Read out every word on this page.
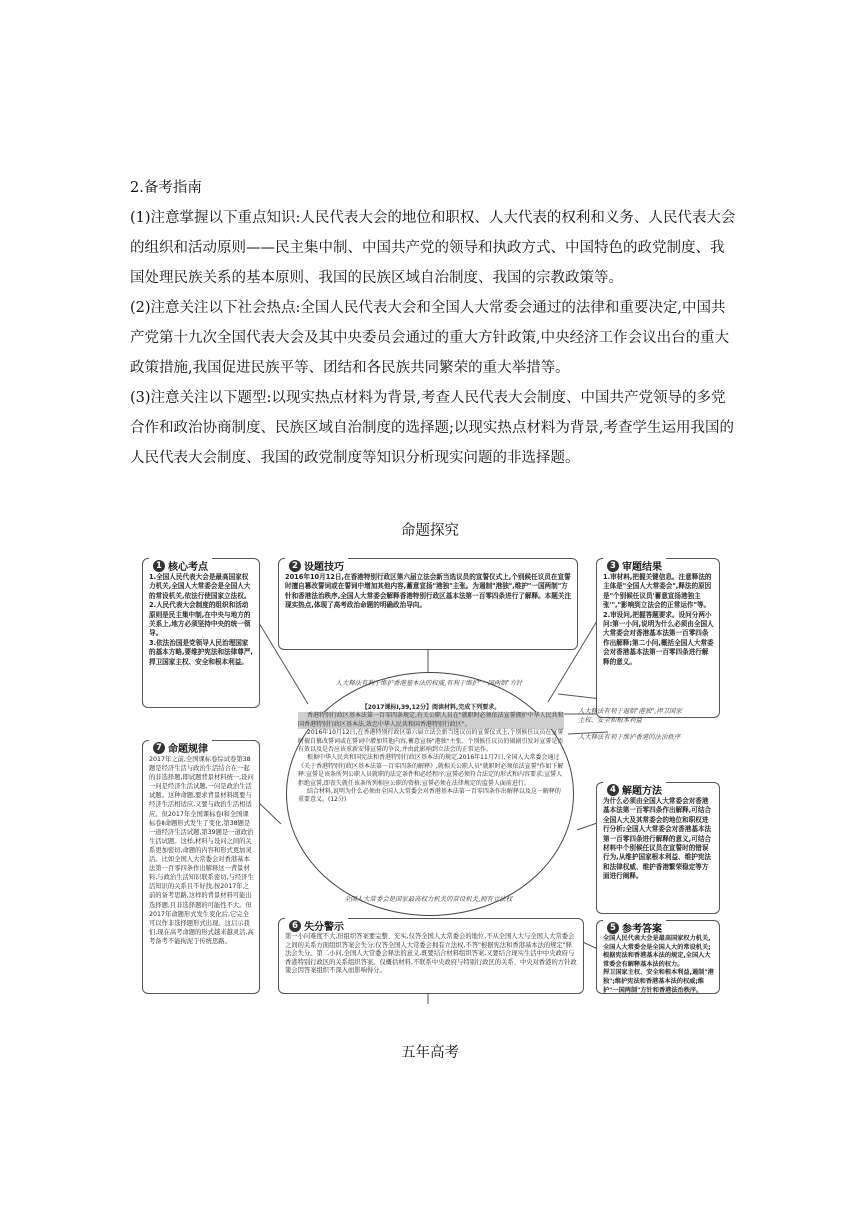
2.备考指南

(1)注意掌握以下重点知识:人民代表大会的地位和职权、人大代表的权利和义务、人民代表大会的组织和活动原则——民主集中制、中国共产党的领导和执政方式、中国特色的政党制度、我国处理民族关系的基本原则、我国的民族区域自治制度、我国的宗教政策等。

(2)注意关注以下社会热点:全国人民代表大会和全国人大常委会通过的法律和重要决定,中国共产党第十九次全国代表大会及其中央委员会通过的重大方针政策,中央经济工作会议出台的重大政策措施,我国促进民族平等、团结和各民族共同繁荣的重大举措等。

(3)注意关注以下题型:以现实热点材料为背景,考查人民代表大会制度、中国共产党领导的多党合作和政治协商制度、民族区域自治制度的选择题;以现实热点材料为背景,考查学生运用我国的人民代表大会制度、我国的政党制度等知识分析现实问题的非选择题。

命题探究
1 核心考点
1.全国人民代表大会是最高国家权力机关,全国人大常委会是全国人大的常设机关,依法行使国家立法权。
2.人民代表大会制度的组织和活动原则是民主集中制,在中央与地方的关系上,地方必须坚持中央的统一领导。
3.依法治国是党领导人民治理国家的基本方略,要维护宪法和法律尊严,捍卫国家主权、安全和根本利益。
2 设题技巧
2016年10月12日,在香港特别行政区第六届立法会新当选议员的宣誓仪式上,个别候任议员在宣誓时擅自篡改誓词或在誓词中增加其他内容,蓄意宣扬"港独"主张。为遏制"港独",维护"一国两制"方针和香港法治秩序,全国人大常委会解释香港特别行政区基本法第一百零四条进行了解释。本题关注现实热点,体现了高考政治命题的明确政治导向。
3 审题结果
1.审材料,把握关键信息。注意释法的主体是"全国人大常委会",释法的原因是"个别候任议员'蓄意宣扬港独主张'","影响到立法会的正常运作"等。
2.审设问,把握答题要求。设问分两小问:第一小问,说明为什么必须由全国人大常委会对香港基本法第一百零四条作出解释;第二小问,概括全国人大常委会对香港基本法第一百零四条进行解释的意义。
7 命题规律
2017年之前,全国课标卷综试卷第38题是经济生活与政治生活结合在一起的非选择题,即试题背景材料统一,设问一问是经济生活试题,一问是政治生活试题。这种命题,要求背景材料既要与经济生活相适应,又要与政治生活相适应。但2017年全国课标卷Ⅰ和全国课标卷Ⅱ命题形式发生了变化,第38题是一道经济生活试题,第39题是一道政治生活试题。这样,材料与设问之间的关系更加密切,命题的内容和形式更加灵活。比如全国人大常委会对香港基本法第一百零四条作出解释这一背景材料,与政治生活知识联系密切,与经济生活知识的关系且不好找,按2017年之前的备考思路,这样的背景材料可能出选择题,且非选择题的可能性不大。但2017年命题形式发生变化后,它完全可以作非选择题形式出现。这启示我们,现在高考命题的形式越来越灵活,高考备考不能拘泥于传统思路。
4 解题方法
为什么必须由全国人大常委会对香港基本法第一百零四条作出解释,可结合全国人大及其常委会的地位和职权进行分析;全国人大常委会对香港基本法第一百零四条进行解释的意义,可结合材料中个别候任议员在宣誓时的错误行为,从维护国家根本利益、维护宪法和法律权威、维护香港繁荣稳定等方面进行阐释。
5 参考答案
全国人民代表大会是最高国家权力机关,全国人大常委会是全国人大的常设机关;根据宪法和香港基本法的规定,全国人大常委会有解释基本法的权力。
捍卫国家主权、安全和根本利益,遏制"港独";维护宪法和香港基本法的权威;维护"一国两制"方针和香港法治秩序。
6 失分警示
第一小问难度不大,但组织答案要完整、充实,仅答全国人大常委会的地位,不从全国人大与全国人大常委会之间的关系方面组织答案会失分;仅答全国人大常委会拥有立法权,不答"根据宪法和香港基本法的规定"释法会失分。第二小问,全国人大常委会释法的意义,既要结合材料组织答案,又要结合现实生活中中央政府与香港特别行政区的关系组织答案。仅概括材料,不联系中央政府与特别行政区的关系、中央对香港的方针政策会因答案组织不深入而影响得分。
【2017课标Ⅰ,39,12分】阅读材料,完成下列要求。
香港特别行政区基本法第一百零四条规定,有关公职人员在"就职时必须依法宣誓拥护中华人民共和国香港特别行政区基本法,效忠中华人民共和国香港特别行政区"。
2016年10月12日,在香港特别行政区第六届立法会新当选议员的宣誓仪式上,个别候任议员在宣誓时擅自篡改誓词或在誓词中增加其他内容,蓄意宣扬"港独"主张。个别候任议员的闹剧引发对宣誓是否有效以及是否应该重新安排宣誓的争议,并由此影响到立法会的正常运作。
根据中华人民共和国宪法和香港特别行政区基本法的规定,2016年11月7日,全国人大常委会通过《关于香港特别行政区基本法第一百零四条的解释》,就相关公职人员"就职时必须依法宣誓"作如下解释:宣誓是该条所列公职人员就职的法定条件和必经程序;宣誓必须符合法定的形式和内容要求;宣誓人拒绝宣誓,即丧失就任该条所列相应公职的资格;宣誓必须在法律规定的监誓人面前进行。
结合材料,说明为什么必须由全国人大常委会对香港基本法第一百零四条作出解释以及这一解释的重要意义。(12分)
人大释法有利于维护香港基本法的权威,有利于维护"一国两制"方针
人大释法有利于遏制"港独",捍卫国家主权、安全和根本利益
人大释法有利于维护香港的法治秩序
全国人大常委会是国家最高权力机关的常设机关,拥有立法权
五年高考
